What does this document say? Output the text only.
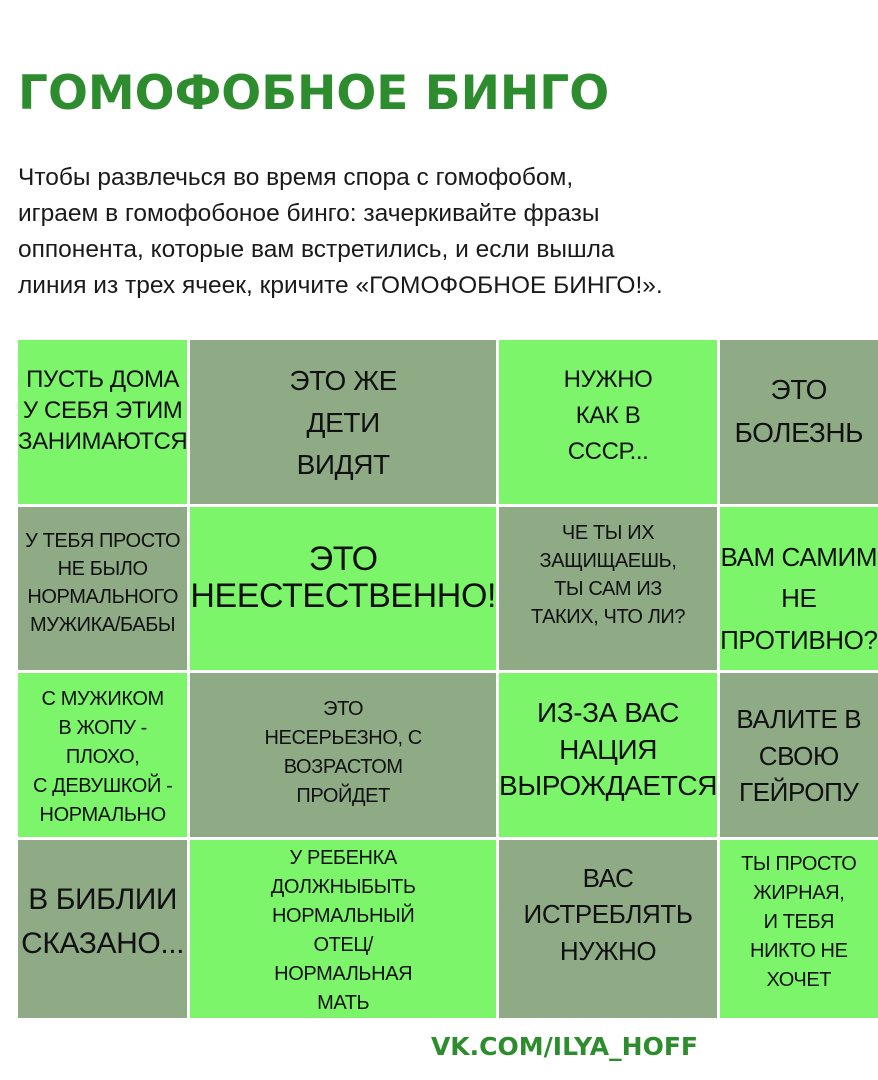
ГОМОФОБНОЕ БИНГО
Чтобы развлечься во время спора с гомофобом,
играем в гомофобоное бинго: зачеркивайте фразы
оппонента, которые вам встретились, и если вышла
линия из трех ячеек, кричите «ГОМОФОБНОЕ БИНГО!».
ПУСТЬ ДОМА
У СЕБЯ ЭТИМ
ЗАНИМАЮТСЯ
ЭТО ЖЕ
ДЕТИ
ВИДЯТ
НУЖНО
КАК В
СССР...
ЭТО
БОЛЕЗНЬ
У ТЕБЯ ПРОСТО
НЕ БЫЛО
НОРМАЛЬНОГО
МУЖИКА/БАБЫ
ЭТО
НЕЕСТЕСТВЕННО!
ЧЕ ТЫ ИХ
ЗАЩИЩАЕШЬ,
ТЫ САМ ИЗ
ТАКИХ, ЧТО ЛИ?
ВАМ САМИМ
НЕ
ПРОТИВНО?
С МУЖИКОМ
В ЖОПУ -
ПЛОХО,
С ДЕВУШКОЙ -
НОРМАЛЬНО
ЭТО
НЕСЕРЬЕЗНО, С
ВОЗРАСТОМ
ПРОЙДЕТ
ИЗ-ЗА ВАС
НАЦИЯ
ВЫРОЖДАЕТСЯ
ВАЛИТЕ В
СВОЮ
ГЕЙРОПУ
В БИБЛИИ
СКАЗАНО...
У РЕБЕНКА
ДОЛЖНЫБЫТЬ
НОРМАЛЬНЫЙ
ОТЕЦ/
НОРМАЛЬНАЯ
МАТЬ
ВАС
ИСТРЕБЛЯТЬ
НУЖНО
ТЫ ПРОСТО
ЖИРНАЯ,
И ТЕБЯ
НИКТО НЕ
ХОЧЕТ
VK.COM/ILYA_HOFF
